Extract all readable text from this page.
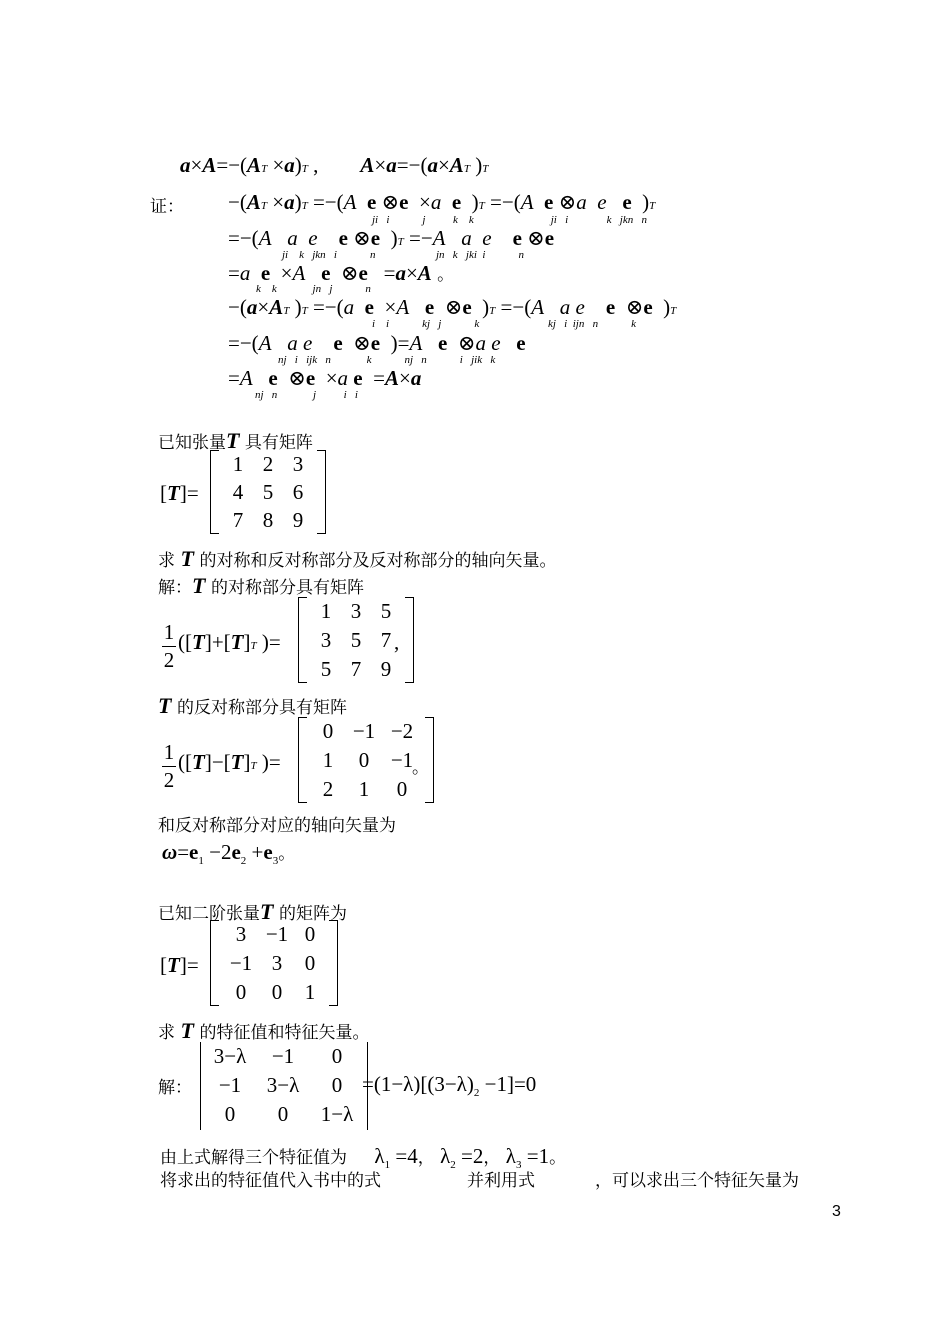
a×A=−(AT ×a)T ,        A×a=−(a×AT )T
证： −(AT ×a)T =−(A e ⊗e  ×a e  )T =−(A e ⊗a e e  )T
ji   i            j          k    k                            ji   i              k   jkn   n
=−(A a e e ⊗e  )T =−A a e e ⊗e
ji    k   jkn   i            n                      jn   k   jki  i            n
=a e  ×A e  ⊗e   =a×A 。
k    k             jn   j            n
−(a×AT )T =−(a e  ×A e  ⊗e  )T =−(A a e e  ⊗e  )T
i    i            kj   j            k                         kj   i  ijn   n            k
=−(A a e e  ⊗e  )=A e  ⊗a e e
nj   i   ijk   n             k            nj   n            i   jik   k
=A e  ⊗e  ×a e  =A×a
nj   n             j          i   i
已知张量T 具有矩阵
[T]=
1 2 3
4 5 6
7 8 9
求 T 的对称和反对称部分及反对称部分的轴向矢量。
解：T 的对称部分具有矩阵
1
2
([T]+[T]T )=
1 3 5
3 5 7
5 7 9
,
T 的反对称部分具有矩阵
1
2
([T]−[T]T )=
0 −1 −2
1	0	−1
2	1	0
。
和反对称部分对应的轴向矢量为
$\omega=e_1 -2e_2 +e_3$。
已知二阶张量T 的矩阵为
[T]=
3 −1 0
−1 3	0
0	0	1
求 T 的特征值和特征矢量。
解：
3−λ	−1	0
−1	3−λ	0
0	0	1−λ
$=(1-\lambda)[(3-\lambda)_2 -1]=0$
由上式解得三个特征值为 $\lambda_1 =4$， $\lambda_2 =2$， $\lambda_3 =1$。
将求出的特征值代入书中的式	并利用式	，可以求出三个特征矢量为
3
